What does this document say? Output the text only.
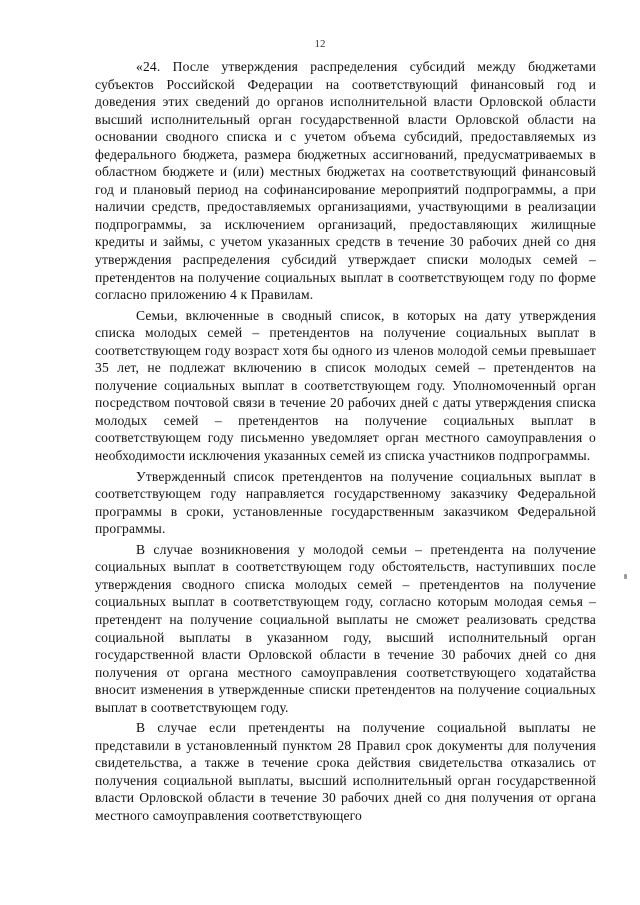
12

«24. После утверждения распределения субсидий между бюджетами субъектов Российской Федерации на соответствующий финансовый год и доведения этих сведений до органов исполнительной власти Орловской области высший исполнительный орган государственной власти Орловской области на основании сводного списка и с учетом объема субсидий, предоставляемых из федерального бюджета, размера бюджетных ассигнований, предусматриваемых в областном бюджете и (или) местных бюджетах на соответствующий финансовый год и плановый период на софинансирование мероприятий подпрограммы, а при наличии средств, предоставляемых организациями, участвующими в реализации подпрограммы, за исключением организаций, предоставляющих жилищные кредиты и займы, с учетом указанных средств в течение 30 рабочих дней со дня утверждения распределения субсидий утверждает списки молодых семей – претендентов на получение социальных выплат в соответствующем году по форме согласно приложению 4 к Правилам.

Семьи, включенные в сводный список, в которых на дату утверждения списка молодых семей – претендентов на получение социальных выплат в соответствующем году возраст хотя бы одного из членов молодой семьи превышает 35 лет, не подлежат включению в список молодых семей – претендентов на получение социальных выплат в соответствующем году. Уполномоченный орган посредством почтовой связи в течение 20 рабочих дней с даты утверждения списка молодых семей – претендентов на получение социальных выплат в соответствующем году письменно уведомляет орган местного самоуправления о необходимости исключения указанных семей из списка участников подпрограммы.

Утвержденный список претендентов на получение социальных выплат в соответствующем году направляется государственному заказчику Федеральной программы в сроки, установленные государственным заказчиком Федеральной программы.

В случае возникновения у молодой семьи – претендента на получение социальных выплат в соответствующем году обстоятельств, наступивших после утверждения сводного списка молодых семей – претендентов на получение социальных выплат в соответствующем году, согласно которым молодая семья – претендент на получение социальной выплаты не сможет реализовать средства социальной выплаты в указанном году, высший исполнительный орган государственной власти Орловской области в течение 30 рабочих дней со дня получения от органа местного самоуправления соответствующего ходатайства вносит изменения в утвержденные списки претендентов на получение социальных выплат в соответствующем году.

В случае если претенденты на получение социальной выплаты не представили в установленный пунктом 28 Правил срок документы для получения свидетельства, а также в течение срока действия свидетельства отказались от получения социальной выплаты, высший исполнительный орган государственной власти Орловской области в течение 30 рабочих дней со дня получения от органа местного самоуправления соответствующего
